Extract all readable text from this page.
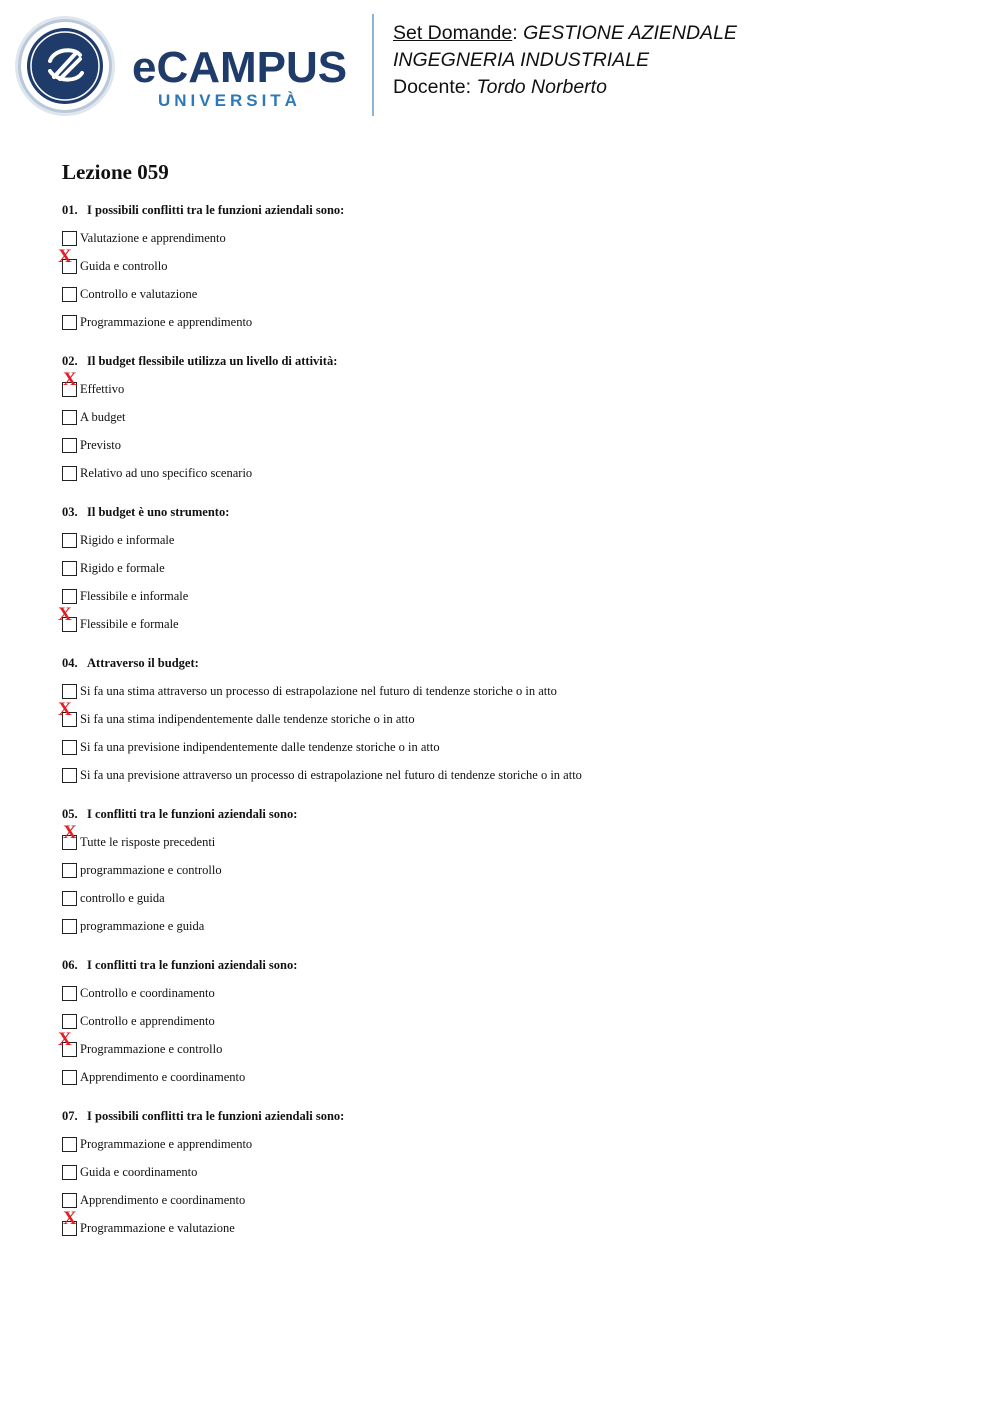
eCAMPUS
UNIVERSITÀ
Set Domande: GESTIONE AZIENDALE
INGEGNERIA INDUSTRIALE
Docente: Tordo Norberto
Lezione 059
01. I possibili conflitti tra le funzioni aziendali sono:
Valutazione e apprendimento
X Guida e controllo
Controllo e valutazione
Programmazione e apprendimento
02. Il budget flessibile utilizza un livello di attività:
X Effettivo
A budget
Previsto
Relativo ad uno specifico scenario
03. Il budget è uno strumento:
Rigido e informale
Rigido e formale
Flessibile e informale
X Flessibile e formale
04. Attraverso il budget:
Si fa una stima attraverso un processo di estrapolazione nel futuro di tendenze storiche o in atto
X Si fa una stima indipendentemente dalle tendenze storiche o in atto
Si fa una previsione indipendentemente dalle tendenze storiche o in atto
Si fa una previsione attraverso un processo di estrapolazione nel futuro di tendenze storiche o in atto
05. I conflitti tra le funzioni aziendali sono:
X Tutte le risposte precedenti
programmazione e controllo
controllo e guida
programmazione e guida
06. I conflitti tra le funzioni aziendali sono:
Controllo e coordinamento
Controllo e apprendimento
X Programmazione e controllo
Apprendimento e coordinamento
07. I possibili conflitti tra le funzioni aziendali sono:
Programmazione e apprendimento
Guida e coordinamento
Apprendimento e coordinamento
X Programmazione e valutazione
